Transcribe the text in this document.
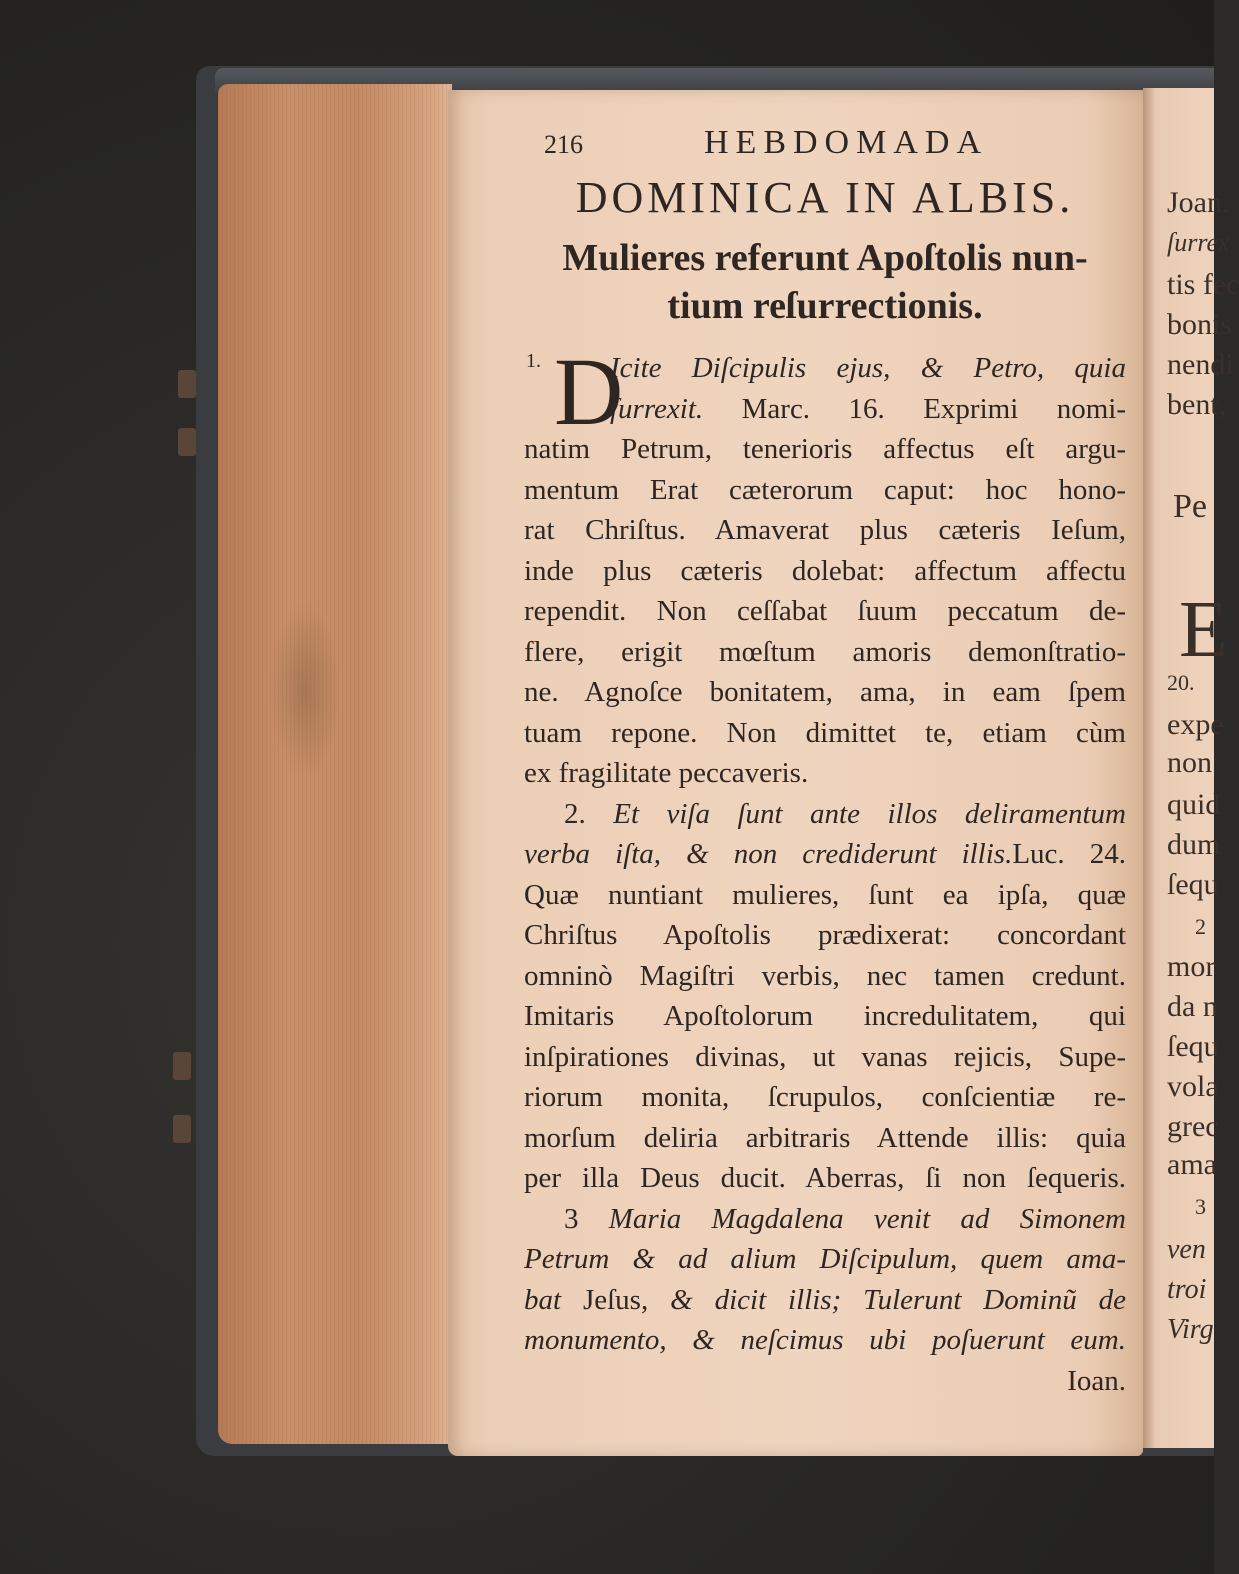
Joan.
ſurrex
tis fec
bonis
nendi
bent,
Pe
E
20.
expe
non
quid
dum
ſequ
2
mor
da n
ſequ
vola
grec
ama
3
ven
troi
Virg
216	HEBDOMADA
DOMINICA IN ALBIS.
Mulieres referunt Apoſtolis nun-
tium reſurrectionis.
1. D
Icite Diſcipulis ejus, & Petro, quia
ſurrexit. Marc. 16. Exprimi nomi-
natim Petrum, tenerioris affectus eſt argu-
mentum Erat cæterorum caput: hoc hono-
rat Chriſtus. Amaverat plus cæteris Ieſum,
inde plus cæteris dolebat: affectum affectu
rependit. Non ceſſabat ſuum peccatum de-
flere, erigit mœſtum amoris demonſtratio-
ne. Agnoſce bonitatem, ama, in eam ſpem
tuam repone. Non dimittet te, etiam cùm
ex fragilitate peccaveris.
2. Et viſa ſunt ante illos deliramentum
verba iſta, & non crediderunt illis.Luc. 24.
Quæ nuntiant mulieres, ſunt ea ipſa, quæ
Chriſtus Apoſtolis prædixerat: concordant
omninò Magiſtri verbis, nec tamen credunt.
Imitaris Apoſtolorum incredulitatem, qui
inſpirationes divinas, ut vanas rejicis, Supe-
riorum monita, ſcrupulos, conſcientiæ re-
morſum deliria arbitraris Attende illis: quia
per illa Deus ducit. Aberras, ſi non ſequeris.
3 Maria Magdalena venit ad Simonem
Petrum & ad alium Diſcipulum, quem ama-
bat Jeſus, & dicit illis; Tulerunt Dominũ de
monumento, & neſcimus ubi poſuerunt eum.
Ioan.
